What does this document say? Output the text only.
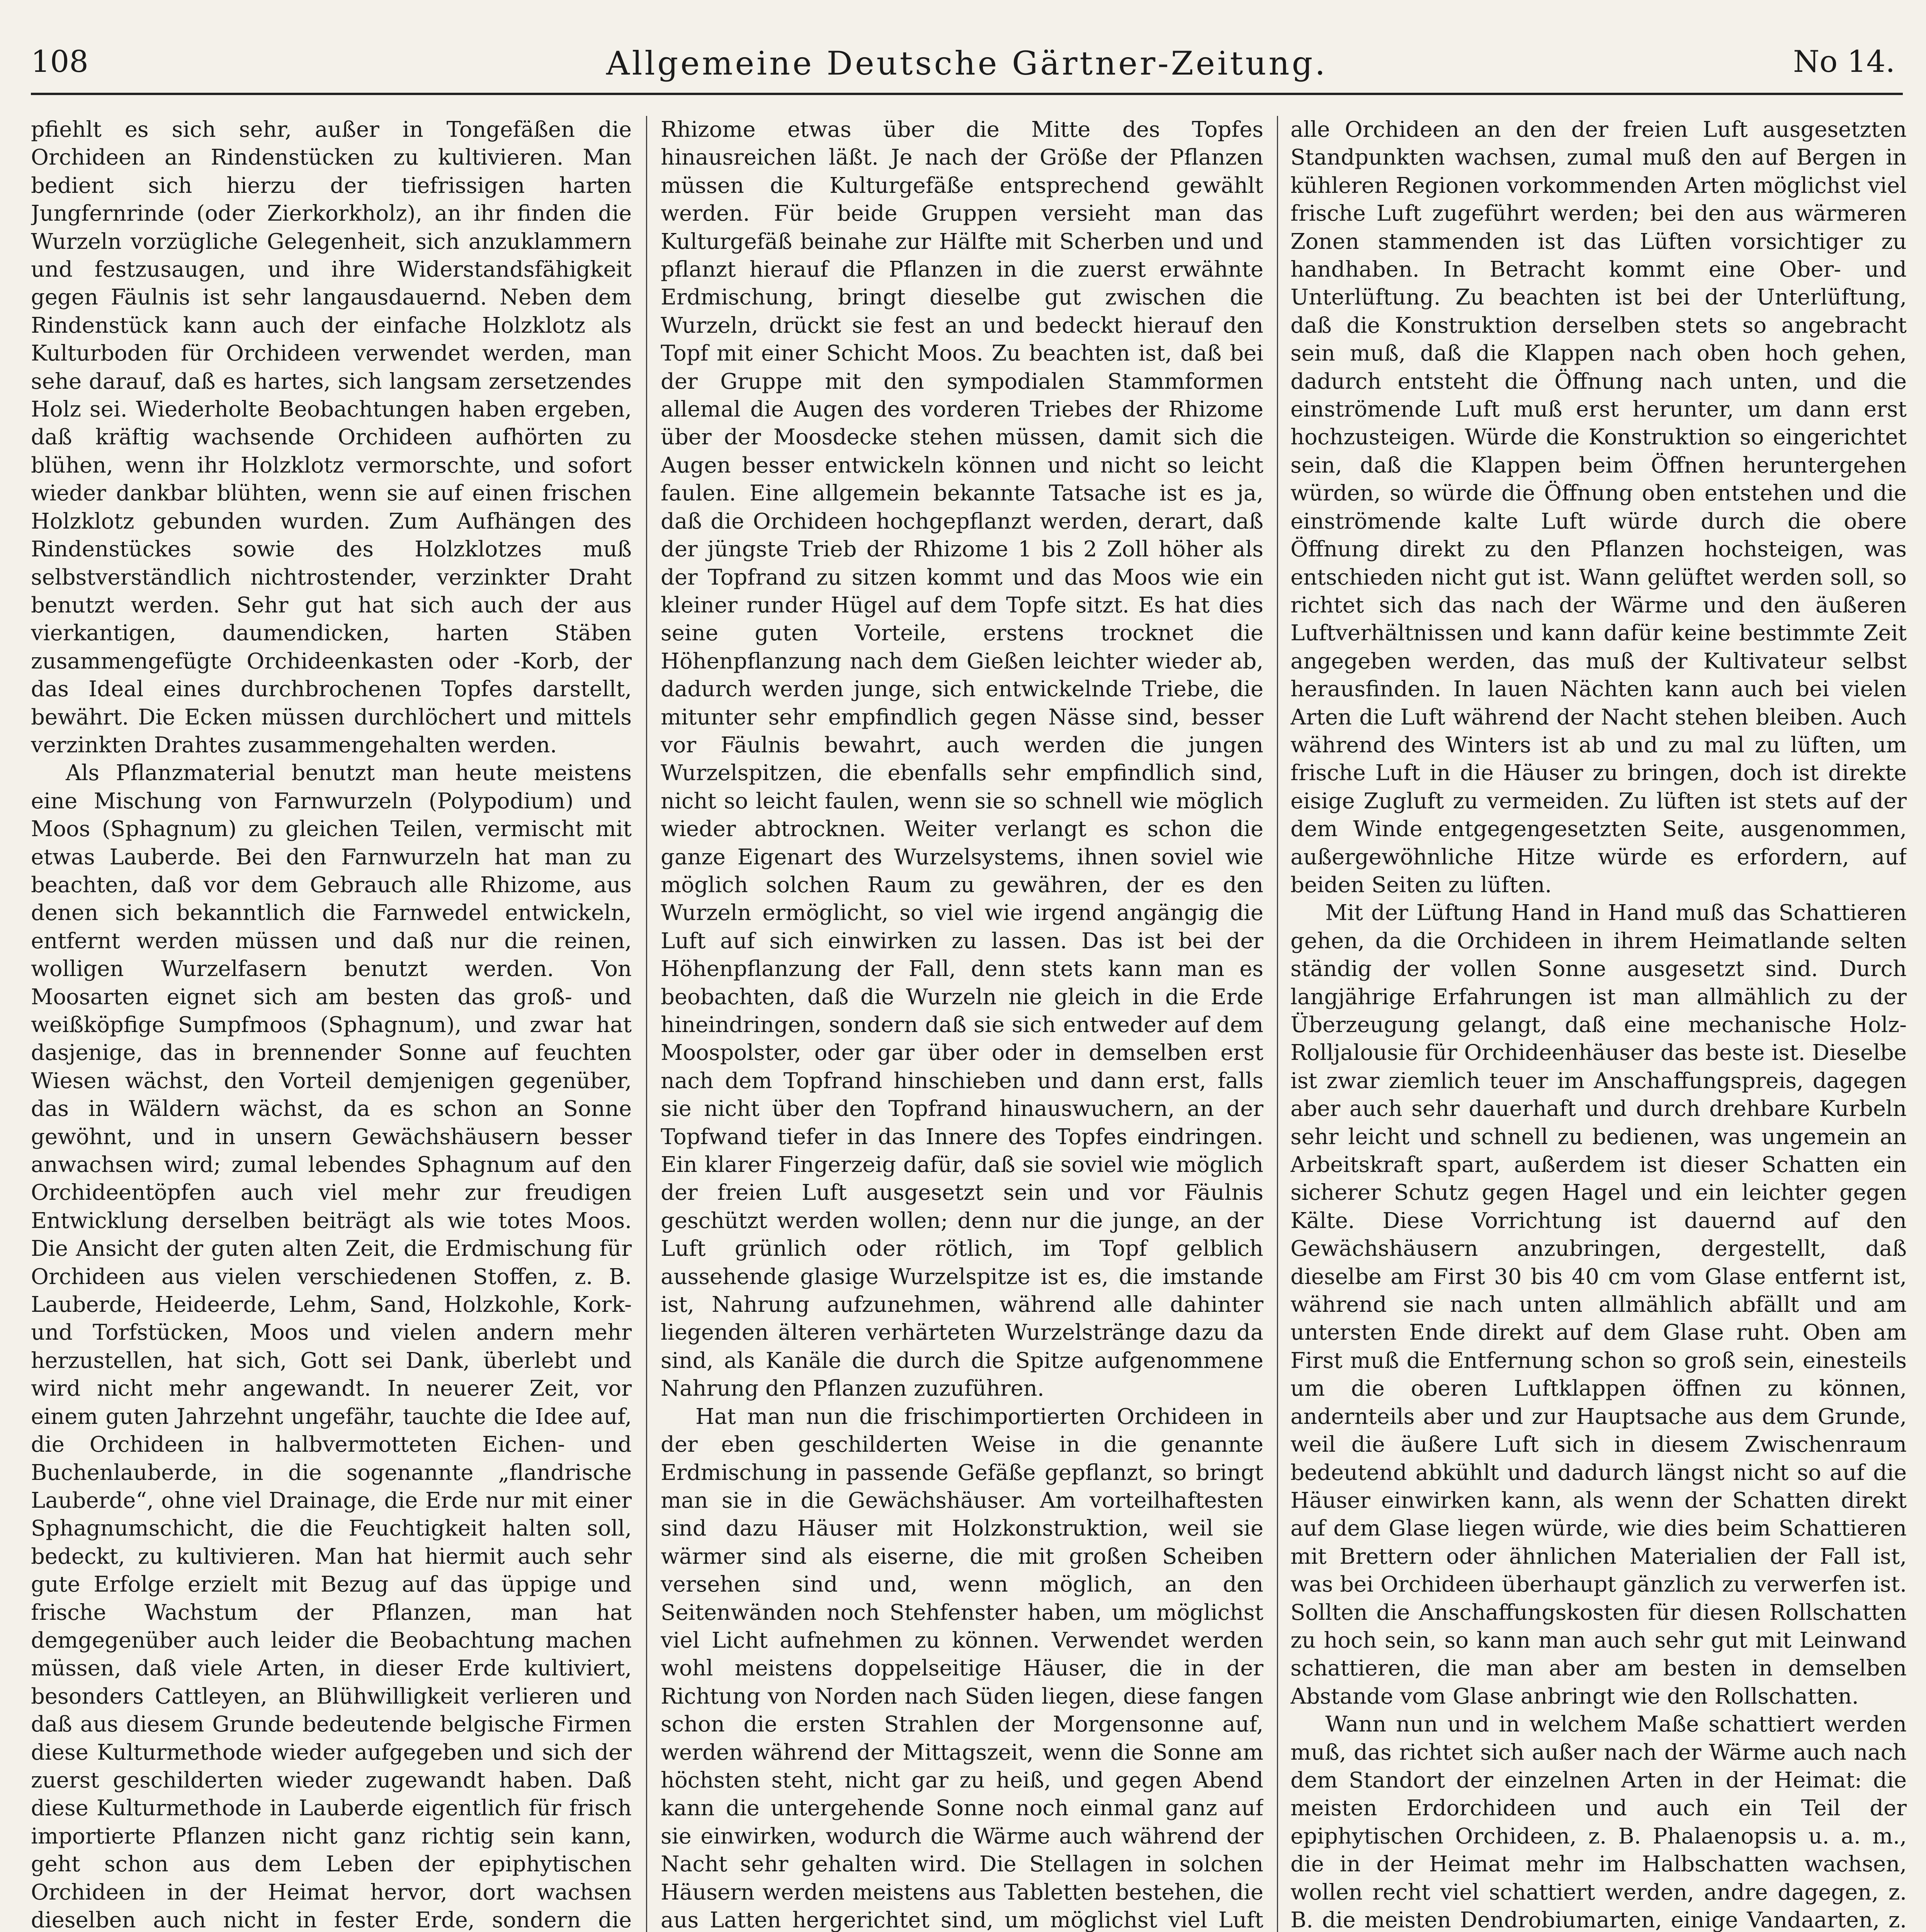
108	Allgemeine Deutsche Gärtner-Zeitung.	No 14.

pfiehlt es sich sehr, außer in Tongefäßen die Orchideen an Rindenstücken zu kultivieren. Man bedient sich hierzu der tiefrissigen harten Jungfernrinde (oder Zierkorkholz), an ihr finden die Wurzeln vorzügliche Gelegenheit, sich anzuklammern und festzusaugen, und ihre Widerstandsfähigkeit gegen Fäulnis ist sehr langausdauernd. Neben dem Rindenstück kann auch der einfache Holzklotz als Kulturboden für Orchideen verwendet werden, man sehe darauf, daß es hartes, sich langsam zersetzendes Holz sei. Wiederholte Beobachtungen haben ergeben, daß kräftig wachsende Orchideen aufhörten zu blühen, wenn ihr Holzklotz vermorschte, und sofort wieder dankbar blühten, wenn sie auf einen frischen Holzklotz gebunden wurden. Zum Aufhängen des Rindenstückes sowie des Holzklotzes muß selbstverständlich nichtrostender, verzinkter Draht benutzt werden. Sehr gut hat sich auch der aus vierkantigen, daumendicken, harten Stäben zusammengefügte Orchideenkasten oder -Korb, der das Ideal eines durchbrochenen Topfes darstellt, bewährt. Die Ecken müssen durchlöchert und mittels verzinkten Drahtes zusammengehalten werden.

Als Pflanzmaterial benutzt man heute meistens eine Mischung von Farnwurzeln (Polypodium) und Moos (Sphagnum) zu gleichen Teilen, vermischt mit etwas Lauberde. Bei den Farnwurzeln hat man zu beachten, daß vor dem Gebrauch alle Rhizome, aus denen sich bekanntlich die Farnwedel entwickeln, entfernt werden müssen und daß nur die reinen, wolligen Wurzelfasern benutzt werden. Von Moosarten eignet sich am besten das groß- und weißköpfige Sumpfmoos (Sphagnum), und zwar hat dasjenige, das in brennender Sonne auf feuchten Wiesen wächst, den Vorteil demjenigen gegenüber, das in Wäldern wächst, da es schon an Sonne gewöhnt, und in unsern Gewächshäusern besser anwachsen wird; zumal lebendes Sphagnum auf den Orchideentöpfen auch viel mehr zur freudigen Entwicklung derselben beiträgt als wie totes Moos. Die Ansicht der guten alten Zeit, die Erdmischung für Orchideen aus vielen verschiedenen Stoffen, z. B. Lauberde, Heideerde, Lehm, Sand, Holzkohle, Kork- und Torfstücken, Moos und vielen andern mehr herzustellen, hat sich, Gott sei Dank, überlebt und wird nicht mehr angewandt. In neuerer Zeit, vor einem guten Jahrzehnt ungefähr, tauchte die Idee auf, die Orchideen in halbvermotteten Eichen- und Buchenlauberde, in die sogenannte „flandrische Lauberde“, ohne viel Drainage, die Erde nur mit einer Sphagnumschicht, die die Feuchtigkeit halten soll, bedeckt, zu kultivieren. Man hat hiermit auch sehr gute Erfolge erzielt mit Bezug auf das üppige und frische Wachstum der Pflanzen, man hat demgegenüber auch leider die Beobachtung machen müssen, daß viele Arten, in dieser Erde kultiviert, besonders Cattleyen, an Blühwilligkeit verlieren und daß aus diesem Grunde bedeutende belgische Firmen diese Kulturmethode wieder aufgegeben und sich der zuerst geschilderten wieder zugewandt haben. Daß diese Kulturmethode in Lauberde eigentlich für frisch importierte Pflanzen nicht ganz richtig sein kann, geht schon aus dem Leben der epiphytischen Orchideen in der Heimat hervor, dort wachsen dieselben auch nicht in fester Erde, sondern die

Rhizome etwas über die Mitte des Topfes hinausreichen läßt. Je nach der Größe der Pflanzen müssen die Kulturgefäße entsprechend gewählt werden. Für beide Gruppen versieht man das Kulturgefäß beinahe zur Hälfte mit Scherben und und pflanzt hierauf die Pflanzen in die zuerst erwähnte Erdmischung, bringt dieselbe gut zwischen die Wurzeln, drückt sie fest an und bedeckt hierauf den Topf mit einer Schicht Moos. Zu beachten ist, daß bei der Gruppe mit den sympodialen Stammformen allemal die Augen des vorderen Triebes der Rhizome über der Moosdecke stehen müssen, damit sich die Augen besser entwickeln können und nicht so leicht faulen. Eine allgemein bekannte Tatsache ist es ja, daß die Orchideen hochgepflanzt werden, derart, daß der jüngste Trieb der Rhizome 1 bis 2 Zoll höher als der Topfrand zu sitzen kommt und das Moos wie ein kleiner runder Hügel auf dem Topfe sitzt. Es hat dies seine guten Vorteile, erstens trocknet die Höhenpflanzung nach dem Gießen leichter wieder ab, dadurch werden junge, sich entwickelnde Triebe, die mitunter sehr empfindlich gegen Nässe sind, besser vor Fäulnis bewahrt, auch werden die jungen Wurzelspitzen, die ebenfalls sehr empfindlich sind, nicht so leicht faulen, wenn sie so schnell wie möglich wieder abtrocknen. Weiter verlangt es schon die ganze Eigenart des Wurzelsystems, ihnen soviel wie möglich solchen Raum zu gewähren, der es den Wurzeln ermöglicht, so viel wie irgend angängig die Luft auf sich einwirken zu lassen. Das ist bei der Höhenpflanzung der Fall, denn stets kann man es beobachten, daß die Wurzeln nie gleich in die Erde hineindringen, sondern daß sie sich entweder auf dem Moospolster, oder gar über oder in demselben erst nach dem Topfrand hinschieben und dann erst, falls sie nicht über den Topfrand hinauswuchern, an der Topfwand tiefer in das Innere des Topfes eindringen. Ein klarer Fingerzeig dafür, daß sie soviel wie möglich der freien Luft ausgesetzt sein und vor Fäulnis geschützt werden wollen; denn nur die junge, an der Luft grünlich oder rötlich, im Topf gelblich aussehende glasige Wurzelspitze ist es, die imstande ist, Nahrung aufzunehmen, während alle dahinter liegenden älteren verhärteten Wurzelstränge dazu da sind, als Kanäle die durch die Spitze aufgenommene Nahrung den Pflanzen zuzuführen.

Hat man nun die frischimportierten Orchideen in der eben geschilderten Weise in die genannte Erdmischung in passende Gefäße gepflanzt, so bringt man sie in die Gewächshäuser. Am vorteilhaftesten sind dazu Häuser mit Holzkonstruktion, weil sie wärmer sind als eiserne, die mit großen Scheiben versehen sind und, wenn möglich, an den Seitenwänden noch Stehfenster haben, um möglichst viel Licht aufnehmen zu können. Verwendet werden wohl meistens doppelseitige Häuser, die in der Richtung von Norden nach Süden liegen, diese fangen schon die ersten Strahlen der Morgensonne auf, werden während der Mittagszeit, wenn die Sonne am höchsten steht, nicht gar zu heiß, und gegen Abend kann die untergehende Sonne noch einmal ganz auf sie einwirken, wodurch die Wärme auch während der Nacht sehr gehalten wird. Die Stellagen in solchen Häusern werden meistens aus Tabletten bestehen, die aus Latten hergerichtet sind, um möglichst viel Luft

alle Orchideen an den der freien Luft ausgesetzten Standpunkten wachsen, zumal muß den auf Bergen in kühleren Regionen vorkommenden Arten möglichst viel frische Luft zugeführt werden; bei den aus wärmeren Zonen stammenden ist das Lüften vorsichtiger zu handhaben. In Betracht kommt eine Ober- und Unterlüftung. Zu beachten ist bei der Unterlüftung, daß die Konstruktion derselben stets so angebracht sein muß, daß die Klappen nach oben hoch gehen, dadurch entsteht die Öffnung nach unten, und die einströmende Luft muß erst herunter, um dann erst hochzusteigen. Würde die Konstruktion so eingerichtet sein, daß die Klappen beim Öffnen heruntergehen würden, so würde die Öffnung oben entstehen und die einströmende kalte Luft würde durch die obere Öffnung direkt zu den Pflanzen hochsteigen, was entschieden nicht gut ist. Wann gelüftet werden soll, so richtet sich das nach der Wärme und den äußeren Luftverhältnissen und kann dafür keine bestimmte Zeit angegeben werden, das muß der Kultivateur selbst herausfinden. In lauen Nächten kann auch bei vielen Arten die Luft während der Nacht stehen bleiben. Auch während des Winters ist ab und zu mal zu lüften, um frische Luft in die Häuser zu bringen, doch ist direkte eisige Zugluft zu vermeiden. Zu lüften ist stets auf der dem Winde entgegengesetzten Seite, ausgenommen, außergewöhnliche Hitze würde es erfordern, auf beiden Seiten zu lüften.

Mit der Lüftung Hand in Hand muß das Schattieren gehen, da die Orchideen in ihrem Heimatlande selten ständig der vollen Sonne ausgesetzt sind. Durch langjährige Erfahrungen ist man allmählich zu der Überzeugung gelangt, daß eine mechanische Holz-Rolljalousie für Orchideenhäuser das beste ist. Dieselbe ist zwar ziemlich teuer im Anschaffungspreis, dagegen aber auch sehr dauerhaft und durch drehbare Kurbeln sehr leicht und schnell zu bedienen, was ungemein an Arbeitskraft spart, außerdem ist dieser Schatten ein sicherer Schutz gegen Hagel und ein leichter gegen Kälte. Diese Vorrichtung ist dauernd auf den Gewächshäusern anzubringen, dergestellt, daß dieselbe am First 30 bis 40 cm vom Glase entfernt ist, während sie nach unten allmählich abfällt und am untersten Ende direkt auf dem Glase ruht. Oben am First muß die Entfernung schon so groß sein, einesteils um die oberen Luftklappen öffnen zu können, andernteils aber und zur Hauptsache aus dem Grunde, weil die äußere Luft sich in diesem Zwischenraum bedeutend abkühlt und dadurch längst nicht so auf die Häuser einwirken kann, als wenn der Schatten direkt auf dem Glase liegen würde, wie dies beim Schattieren mit Brettern oder ähnlichen Materialien der Fall ist, was bei Orchideen überhaupt gänzlich zu verwerfen ist. Sollten die Anschaffungskosten für diesen Rollschatten zu hoch sein, so kann man auch sehr gut mit Leinwand schattieren, die man aber am besten in demselben Abstande vom Glase anbringt wie den Rollschatten.

Wann nun und in welchem Maße schattiert werden muß, das richtet sich außer nach der Wärme auch nach dem Standort der einzelnen Arten in der Heimat: die meisten Erdorchideen und auch ein Teil der epiphytischen Orchideen, z. B. Phalaenopsis u. a. m., die in der Heimat mehr im Halbschatten wachsen, wollen recht viel schattiert werden, andre dagegen, z. B. die meisten Dendrobiumarten, einige Vandaarten, z.
